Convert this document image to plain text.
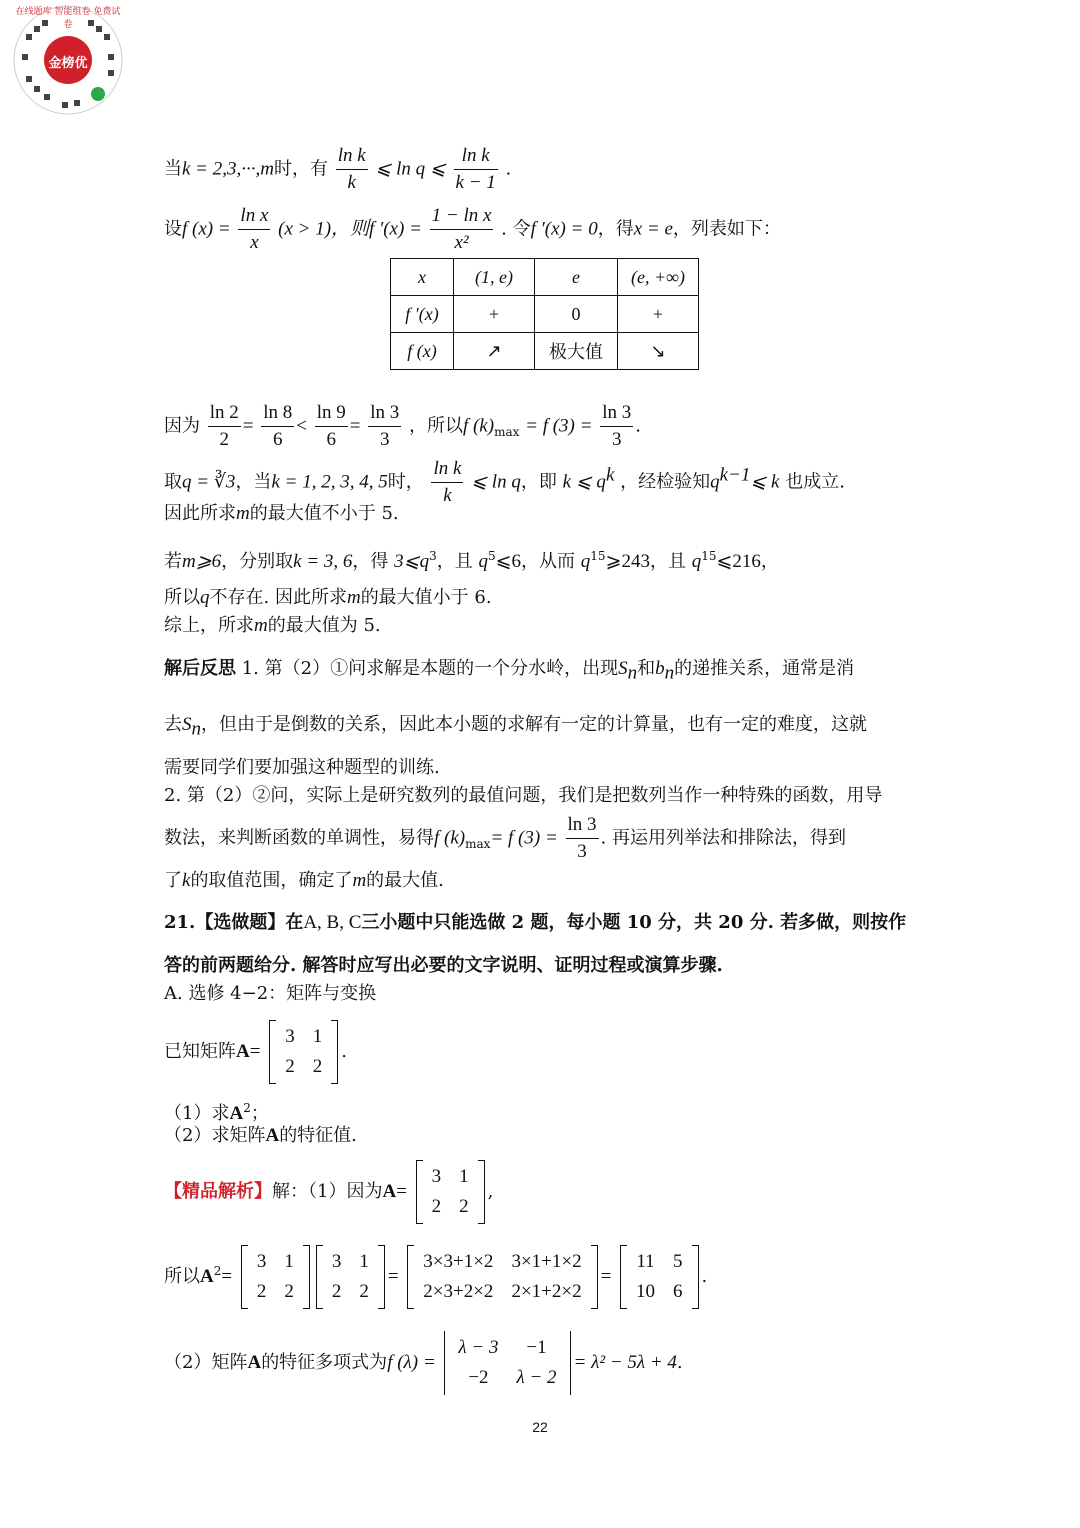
在线题库 智能组卷 免费试卷
金榜优
当k = 2,3,···,m时，有 $\frac{\text{ln k}}{k}$ ⩽ ln q ⩽ $\frac{\text{ln k}}{k - 1}$ .
设f $(x) = \frac{\text{ln x}}{x} (x > 1)$，则f $'(x) = \frac{\text{1 − ln x}}{\text{x²}}$ . 令f ′(x) = 0，得x = e，列表如下：
x	(1, e)	e	(e, +∞)
f ′(x)	+	0	+
f (x)	↗	极大值	↘
因为 $\frac{\ln 2}{2} = \frac{\ln 8}{6} < \frac{\ln 9}{6} = \frac{\ln 3}{3}$ ，所以f $(k)_{max} = f$ $(3) = \frac{\ln 3}{3}$ .
取q = ∛3，当k = 1, 2, 3, 4, 5时， $\frac{\text{ln k}}{k}$ ⩽ ln q，即 k ⩽ $q^k$ ，经检验知$q^{k-1}⩽$ k 也成立.
因此所求m的最大值不小于 5.
若m⩾6，分别取k = 3, 6，得 $3⩽q^3$，且 $q^5⩽6$，从而 $q^{15}⩾243$，且 $q^{15}⩽216$，
所以q不存在. 因此所求m的最大值小于 6.
综上，所求m的最大值为 5.
解后反思 1. 第（2）①问求解是本题的一个分水岭，出现$S_n$和$b_n$的递推关系，通常是消
去$S_n$，但由于是倒数的关系，因此本小题的求解有一定的计算量，也有一定的难度，这就
需要同学们要加强这种题型的训练.
2. 第（2）②问，实际上是研究数列的最值问题，我们是把数列当作一种特殊的函数，用导
数法，来判断函数的单调性，易得f $(k)_{max}= f$ $(3) = \frac{\ln 3}{3}$ . 再运用列举法和排除法，得到
了k的取值范围，确定了m的最大值.
21.【选做题】在A, B, C三小题中只能选做 2 题，每小题 10 分，共 20 分. 若多做，则按作
答的前两题给分. 解答时应写出必要的文字说明、证明过程或演算步骤.
A. 选修 4−2：矩阵与变换
已知矩阵A=
3	1
2	2
.
（1）求$A^2$；
（2）求矩阵A的特征值.
【精品解析】解：（1）因为A=
3	1
2	2
,
所以$A^2=$
3	1
2	2
3	1
2	2
=
3×3+1×2	3×1+1×2
2×3+2×2	2×1+2×2
=
11	5
10	6
.
（2）矩阵A的特征多项式为f (λ) =
λ − 3	−1
−2	λ − 2
= λ² − 5λ + 4.
22
